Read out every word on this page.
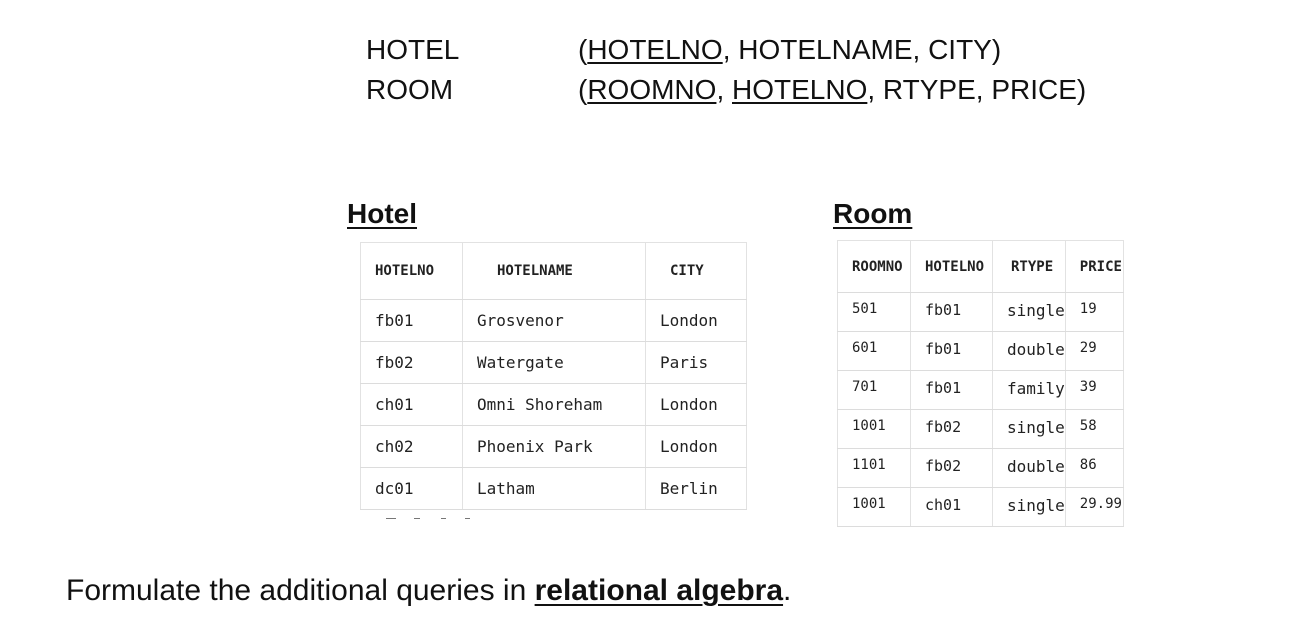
HOTEL	(HOTELNO, HOTELNAME, CITY)
ROOM	(ROOMNO, HOTELNO, RTYPE, PRICE)
Hotel
HOTELNO	HOTELNAME	CITY
fb01	Grosvenor	London
fb02	Watergate	Paris
ch01	Omni Shoreham	London
ch02	Phoenix Park	London
dc01	Latham	Berlin
Room
ROOMNO	HOTELNO	RTYPE	PRICE
501	fb01	single	19
601	fb01	double	29
701	fb01	family	39
1001	fb02	single	58
1101	fb02	double	86
1001	ch01	single	29.99
Formulate the additional queries in relational algebra.
